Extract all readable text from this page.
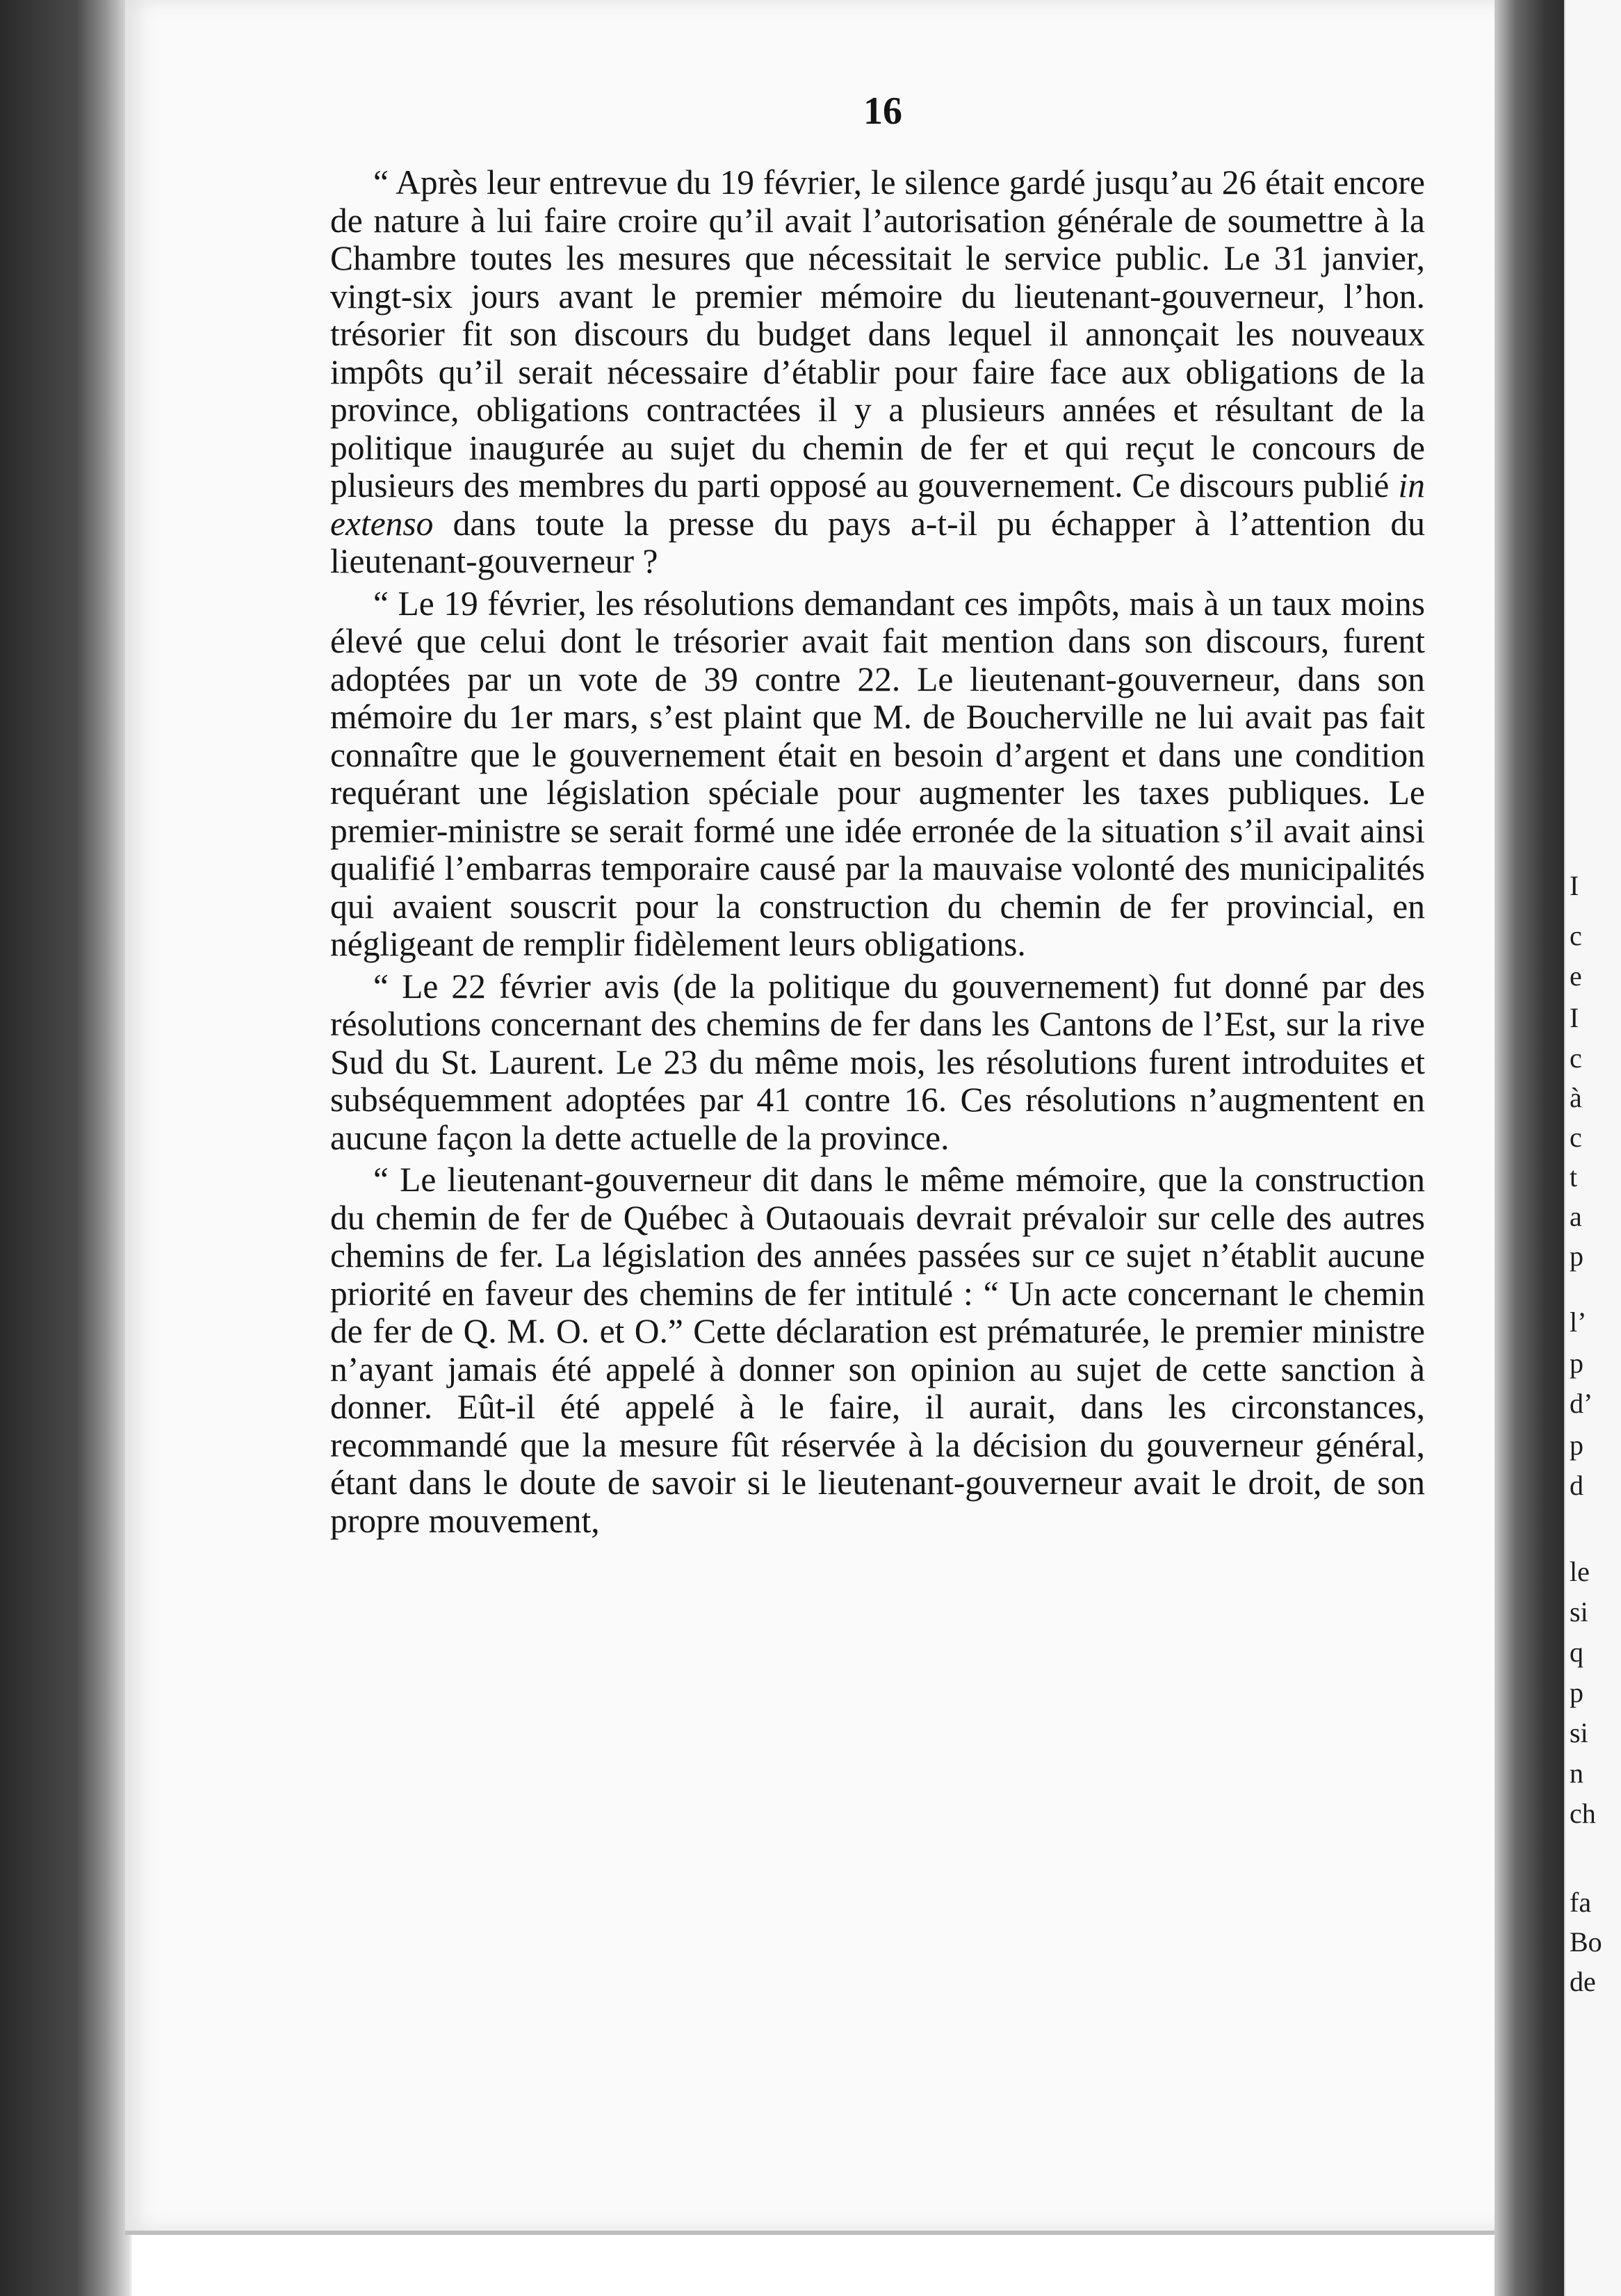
I
c
e
I
c
à
c
t
a
p
l’
p
d’
p
d
le
si
q
p
si
n
ch
fa
Bo
de
16

“ Après leur entrevue du 19 février, le silence gardé jusqu’au 26 était encore de nature à lui faire croire qu’il avait l’autorisation générale de soumettre à la Chambre toutes les mesures que nécessitait le service public. Le 31 janvier, vingt-six jours avant le premier mémoire du lieutenant-gouverneur, l’hon. trésorier fit son discours du budget dans lequel il annonçait les nouveaux impôts qu’il serait nécessaire d’établir pour faire face aux obligations de la province, obligations contractées il y a plusieurs années et résultant de la politique inaugurée au sujet du chemin de fer et qui reçut le concours de plusieurs des membres du parti opposé au gouvernement. Ce discours publié in extenso dans toute la presse du pays a-t-il pu échapper à l’attention du lieutenant-gouverneur ?

“ Le 19 février, les résolutions demandant ces impôts, mais à un taux moins élevé que celui dont le trésorier avait fait mention dans son discours, furent adoptées par un vote de 39 contre 22. Le lieutenant-gouverneur, dans son mémoire du 1er mars, s’est plaint que M. de Boucherville ne lui avait pas fait connaître que le gouvernement était en besoin d’argent et dans une condition requérant une législation spéciale pour augmenter les taxes publiques. Le premier-ministre se serait formé une idée erronée de la situation s’il avait ainsi qualifié l’embarras temporaire causé par la mauvaise volonté des municipalités qui avaient souscrit pour la construction du chemin de fer provincial, en négligeant de remplir fidèlement leurs obligations.

“ Le 22 février avis (de la politique du gouvernement) fut donné par des résolutions concernant des chemins de fer dans les Cantons de l’Est, sur la rive Sud du St. Laurent. Le 23 du même mois, les résolutions furent introduites et subséquemment adoptées par 41 contre 16. Ces résolutions n’augmentent en aucune façon la dette actuelle de la province.

“ Le lieutenant-gouverneur dit dans le même mémoire, que la construction du chemin de fer de Québec à Outaouais devrait prévaloir sur celle des autres chemins de fer. La législation des années passées sur ce sujet n’établit aucune priorité en faveur des chemins de fer intitulé : “ Un acte concernant le chemin de fer de Q. M. O. et O.” Cette déclaration est prématurée, le premier ministre n’ayant jamais été appelé à donner son opinion au sujet de cette sanction à donner. Eût-il été appelé à le faire, il aurait, dans les circonstances, recommandé que la mesure fût réservée à la décision du gouverneur général, étant dans le doute de savoir si le lieutenant-gouverneur avait le droit, de son propre mouvement,
